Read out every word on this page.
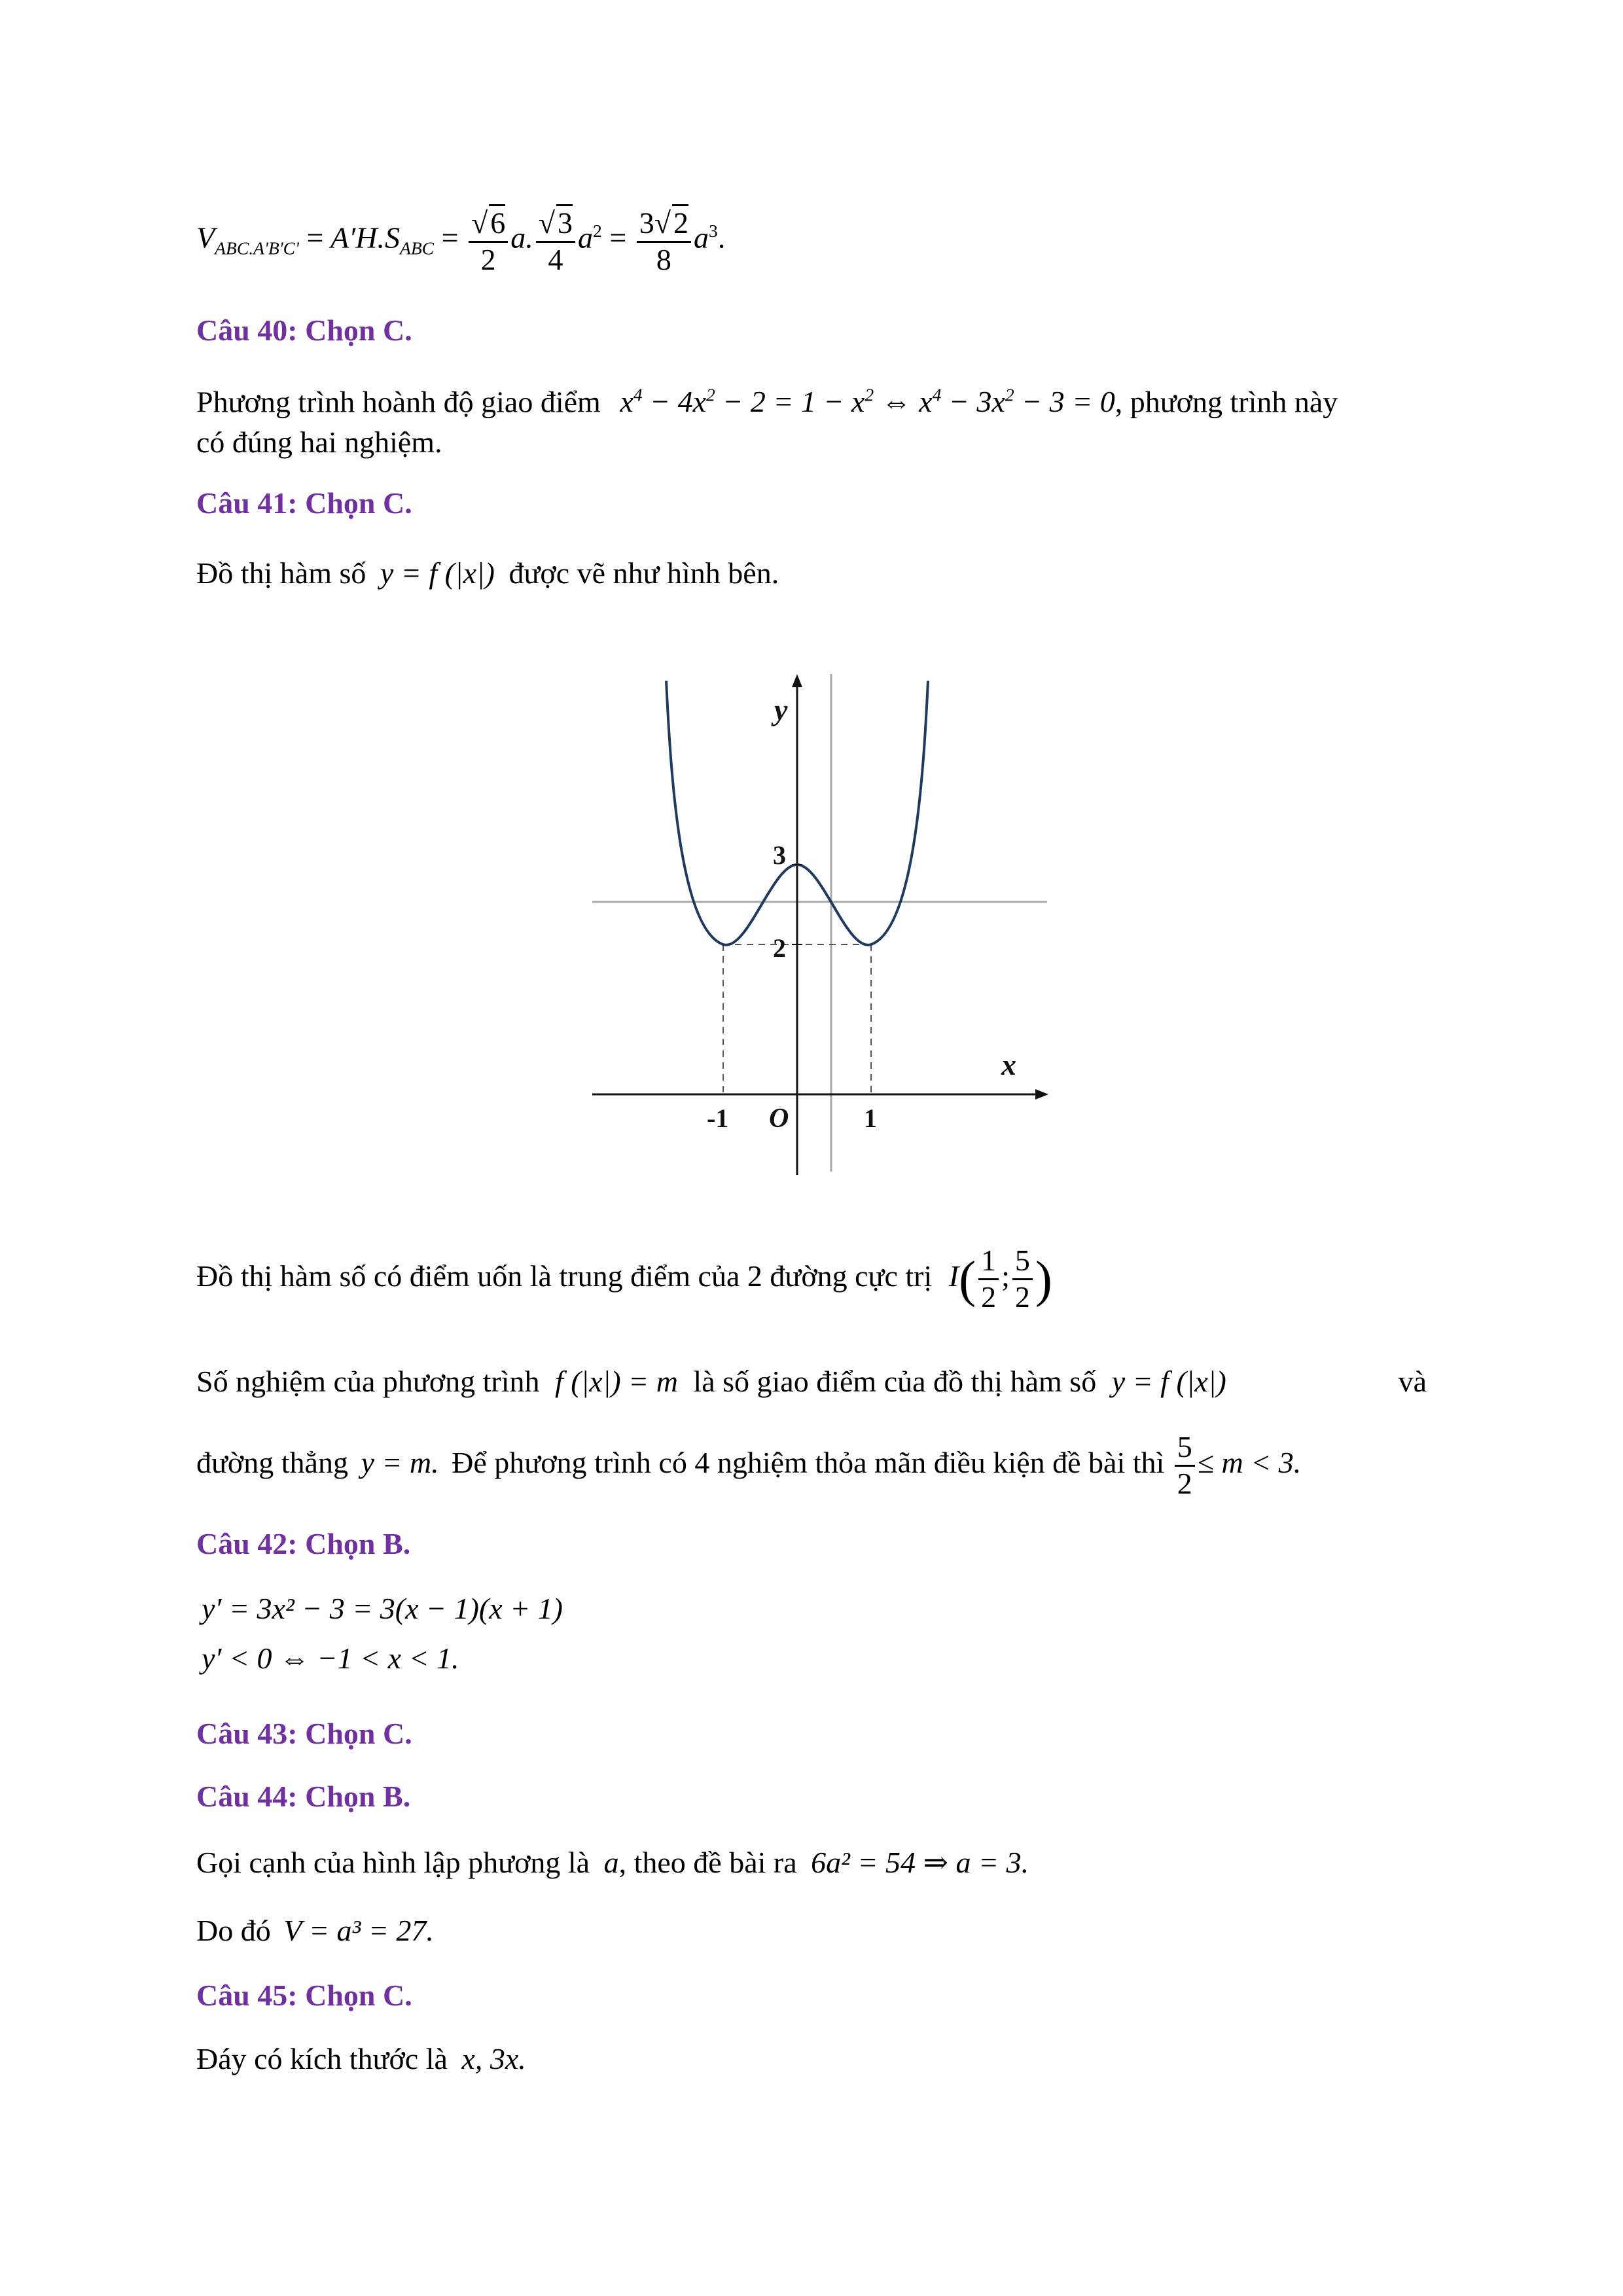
$V_{ABC.A'B'C'} = A'H.S_{ABC} = \frac{√6}{2} a$. $\frac{√3}{4} a^2 = \frac{3√2}{8} a^3$.
Câu 40: Chọn C.
Phương trình hoành độ giao điểm $x^4 - 4x^2 - 2 = 1 - x^2$ ⇔ $x^4 - 3x^2 - 3 = 0$, phương trình này
có đúng hai nghiệm.
Câu 41: Chọn C.
Đồ thị hàm số y = f (|x|) được vẽ như hình bên.
y
x
3
2
-1	1
O
Đồ thị hàm số có điểm uốn là trung điểm của 2 đường cực trị $I( \frac{1}{2}$ ; $\frac{5}{2}$ )
Số nghiệm của phương trình f (|x|) = m là số giao điểm của đồ thị hàm số y = f (|x|)	và
đường thẳng y = m. Để phương trình có 4 nghiệm thỏa mãn điều kiện đề bài thì $\frac{5}{2} \le m < 3$.
Câu 42: Chọn B.
y′ = 3x² − 3 = 3(x − 1)(x + 1)
y′ < 0 ⇔ −1 < x < 1.
Câu 43: Chọn C.
Câu 44: Chọn B.
Gọi cạnh của hình lập phương là a, theo đề bài ra 6a² = 54 ⇒ a = 3.
Do đó V = a³ = 27.
Câu 45: Chọn C.
Đáy có kích thước là x, 3x.
